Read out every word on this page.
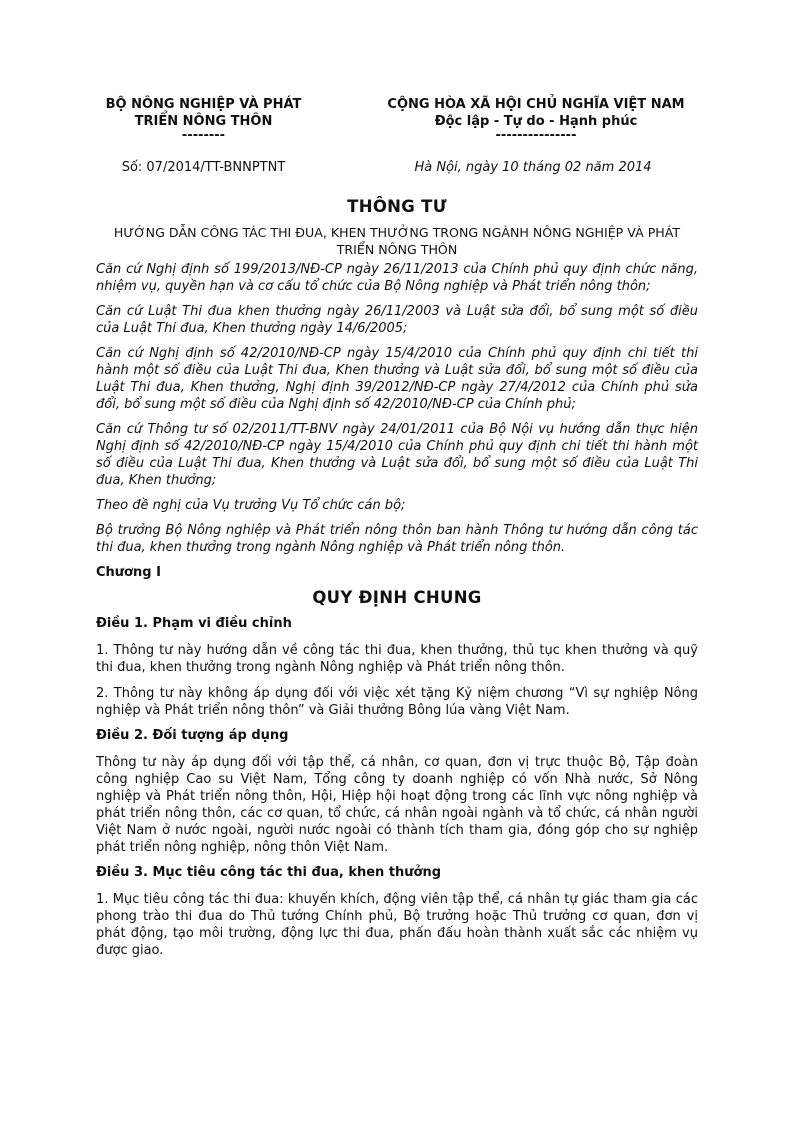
BỘ NÔNG NGHIỆP VÀ PHÁT
TRIỂN NÔNG THÔN
--------
CỘNG HÒA XÃ HỘI CHỦ NGHĨA VIỆT NAM
Độc lập - Tự do - Hạnh phúc
---------------
Số: 07/2014/TT-BNNPTNT	Hà Nội, ngày 10 tháng 02 năm 2014
THÔNG TƯ
HƯỚNG DẪN CÔNG TÁC THI ĐUA, KHEN THƯỞNG TRONG NGÀNH NÔNG NGHIỆP VÀ PHÁT TRIỂN NÔNG THÔN

Căn cứ Nghị định số 199/2013/NĐ-CP ngày 26/11/2013 của Chính phủ quy định chức năng, nhiệm vụ, quyền hạn và cơ cấu tổ chức của Bộ Nông nghiệp và Phát triển nông thôn;

Căn cứ Luật Thi đua khen thưởng ngày 26/11/2003 và Luật sửa đổi, bổ sung một số điều của Luật Thi đua, Khen thưởng ngày 14/6/2005;

Căn cứ Nghị định số 42/2010/NĐ-CP ngày 15/4/2010 của Chính phủ quy định chi tiết thi hành một số điều của Luật Thi đua, Khen thưởng và Luật sửa đổi, bổ sung một số điều của Luật Thi đua, Khen thưởng, Nghị định 39/2012/NĐ-CP ngày 27/4/2012 của Chính phủ sửa đổi, bổ sung một số điều của Nghị định số 42/2010/NĐ-CP của Chính phủ;

Căn cứ Thông tư số 02/2011/TT-BNV ngày 24/01/2011 của Bộ Nội vụ hướng dẫn thực hiện Nghị định số 42/2010/NĐ-CP ngày 15/4/2010 của Chính phủ quy định chi tiết thi hành một số điều của Luật Thi đua, Khen thưởng và Luật sửa đổi, bổ sung một số điều của Luật Thi đua, Khen thưởng;

Theo đề nghị của Vụ trưởng Vụ Tổ chức cán bộ;

Bộ trưởng Bộ Nông nghiệp và Phát triển nông thôn ban hành Thông tư hướng dẫn công tác thi đua, khen thưởng trong ngành Nông nghiệp và Phát triển nông thôn.

Chương I
QUY ĐỊNH CHUNG
Điều 1. Phạm vi điều chỉnh

1. Thông tư này hướng dẫn về công tác thi đua, khen thưởng, thủ tục khen thưởng và quỹ thi đua, khen thưởng trong ngành Nông nghiệp và Phát triển nông thôn.

2. Thông tư này không áp dụng đối với việc xét tặng Kỷ niệm chương “Vì sự nghiệp Nông nghiệp và Phát triển nông thôn” và Giải thưởng Bông lúa vàng Việt Nam.

Điều 2. Đối tượng áp dụng

Thông tư này áp dụng đối với tập thể, cá nhân, cơ quan, đơn vị trực thuộc Bộ, Tập đoàn công nghiệp Cao su Việt Nam, Tổng công ty doanh nghiệp có vốn Nhà nước, Sở Nông nghiệp và Phát triển nông thôn, Hội, Hiệp hội hoạt động trong các lĩnh vực nông nghiệp và phát triển nông thôn, các cơ quan, tổ chức, cá nhân ngoài ngành và tổ chức, cá nhân người Việt Nam ở nước ngoài, người nước ngoài có thành tích tham gia, đóng góp cho sự nghiệp phát triển nông nghiệp, nông thôn Việt Nam.

Điều 3. Mục tiêu công tác thi đua, khen thưởng

1. Mục tiêu công tác thi đua: khuyến khích, động viên tập thể, cá nhân tự giác tham gia các phong trào thi đua do Thủ tướng Chính phủ, Bộ trưởng hoặc Thủ trưởng cơ quan, đơn vị phát động, tạo môi trường, động lực thi đua, phấn đấu hoàn thành xuất sắc các nhiệm vụ được giao.
